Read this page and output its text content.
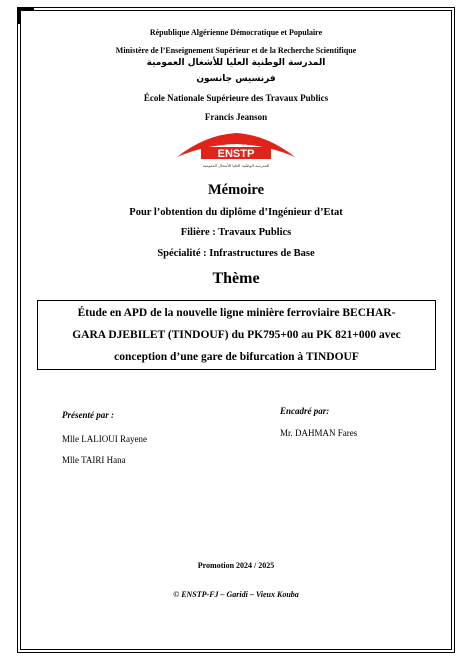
République Algérienne Démocratique et Populaire
Ministère de l’Enseignement Supérieur et de la Recherche Scientifique
المدرسة الوطنية العليا للأشغال العمومية
فرنسيس جانسون
École Nationale Supérieure des Travaux Publics
Francis Jeanson
ENSTP
المدرسة الوطنية العليا للأشغال العمومية
Mémoire
Pour l’obtention du diplôme d’Ingénieur d’Etat
Filière : Travaux Publics
Spécialité : Infrastructures de Base
Thème
Étude en APD de la nouvelle ligne minière ferroviaire BECHAR-
GARA DJEBILET (TINDOUF) du PK795+00 au PK 821+000 avec
conception d’une gare de bifurcation à TINDOUF
Présenté par :
Mlle LALIOUI Rayene
Mlle TAIRI Hana
Encadré par:
Mr. DAHMAN Fares
Promotion 2024 / 2025
© ENSTP-FJ – Garidi – Vieux Kouba
